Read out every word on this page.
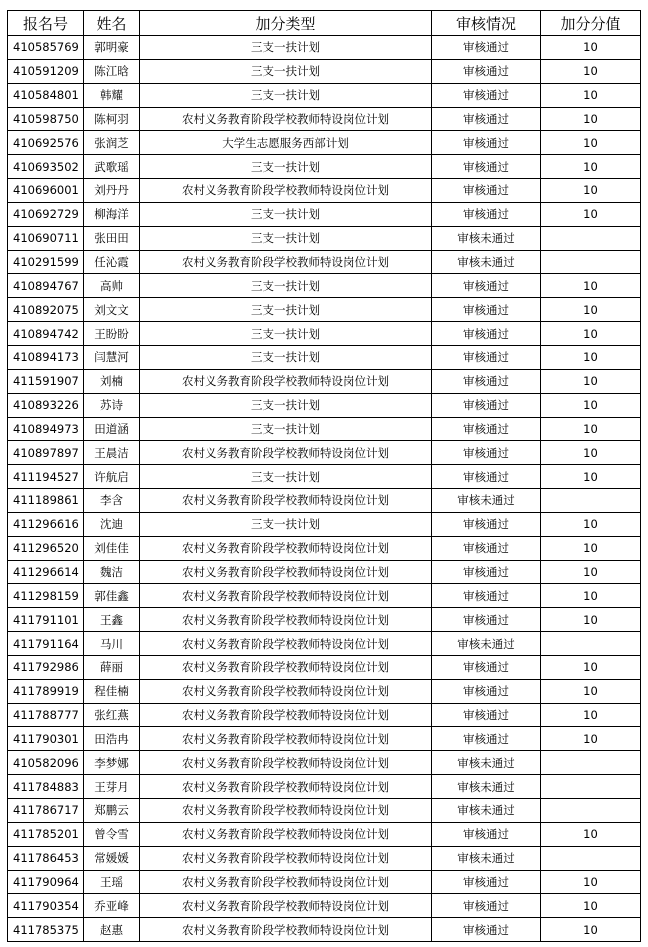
报名号	姓名	加分类型	审核情况	加分分值
410585769	郭明豪	三支一扶计划	审核通过	10
410591209	陈江晗	三支一扶计划	审核通过	10
410584801	韩耀	三支一扶计划	审核通过	10
410598750	陈柯羽	农村义务教育阶段学校教师特设岗位计划	审核通过	10
410692576	张润芝	大学生志愿服务西部计划	审核通过	10
410693502	武歌瑶	三支一扶计划	审核通过	10
410696001	刘丹丹	农村义务教育阶段学校教师特设岗位计划	审核通过	10
410692729	柳海洋	三支一扶计划	审核通过	10
410690711	张田田	三支一扶计划	审核未通过	
410291599	任沁霞	农村义务教育阶段学校教师特设岗位计划	审核未通过	
410894767	高帅	三支一扶计划	审核通过	10
410892075	刘文文	三支一扶计划	审核通过	10
410894742	王盼盼	三支一扶计划	审核通过	10
410894173	闫慧河	三支一扶计划	审核通过	10
411591907	刘楠	农村义务教育阶段学校教师特设岗位计划	审核通过	10
410893226	苏诗	三支一扶计划	审核通过	10
410894973	田道涵	三支一扶计划	审核通过	10
410897897	王晨洁	农村义务教育阶段学校教师特设岗位计划	审核通过	10
411194527	许航启	三支一扶计划	审核通过	10
411189861	李含	农村义务教育阶段学校教师特设岗位计划	审核未通过	
411296616	沈迪	三支一扶计划	审核通过	10
411296520	刘佳佳	农村义务教育阶段学校教师特设岗位计划	审核通过	10
411296614	魏洁	农村义务教育阶段学校教师特设岗位计划	审核通过	10
411298159	郭佳鑫	农村义务教育阶段学校教师特设岗位计划	审核通过	10
411791101	王鑫	农村义务教育阶段学校教师特设岗位计划	审核通过	10
411791164	马川	农村义务教育阶段学校教师特设岗位计划	审核未通过	
411792986	薛丽	农村义务教育阶段学校教师特设岗位计划	审核通过	10
411789919	程佳楠	农村义务教育阶段学校教师特设岗位计划	审核通过	10
411788777	张红燕	农村义务教育阶段学校教师特设岗位计划	审核通过	10
411790301	田浩冉	农村义务教育阶段学校教师特设岗位计划	审核通过	10
410582096	李梦娜	农村义务教育阶段学校教师特设岗位计划	审核未通过	
411784883	王芽月	农村义务教育阶段学校教师特设岗位计划	审核未通过	
411786717	郑鹏云	农村义务教育阶段学校教师特设岗位计划	审核未通过	
411785201	曾令雪	农村义务教育阶段学校教师特设岗位计划	审核通过	10
411786453	常媛媛	农村义务教育阶段学校教师特设岗位计划	审核未通过	
411790964	王瑶	农村义务教育阶段学校教师特设岗位计划	审核通过	10
411790354	乔亚峰	农村义务教育阶段学校教师特设岗位计划	审核通过	10
411785375	赵惠	农村义务教育阶段学校教师特设岗位计划	审核通过	10
